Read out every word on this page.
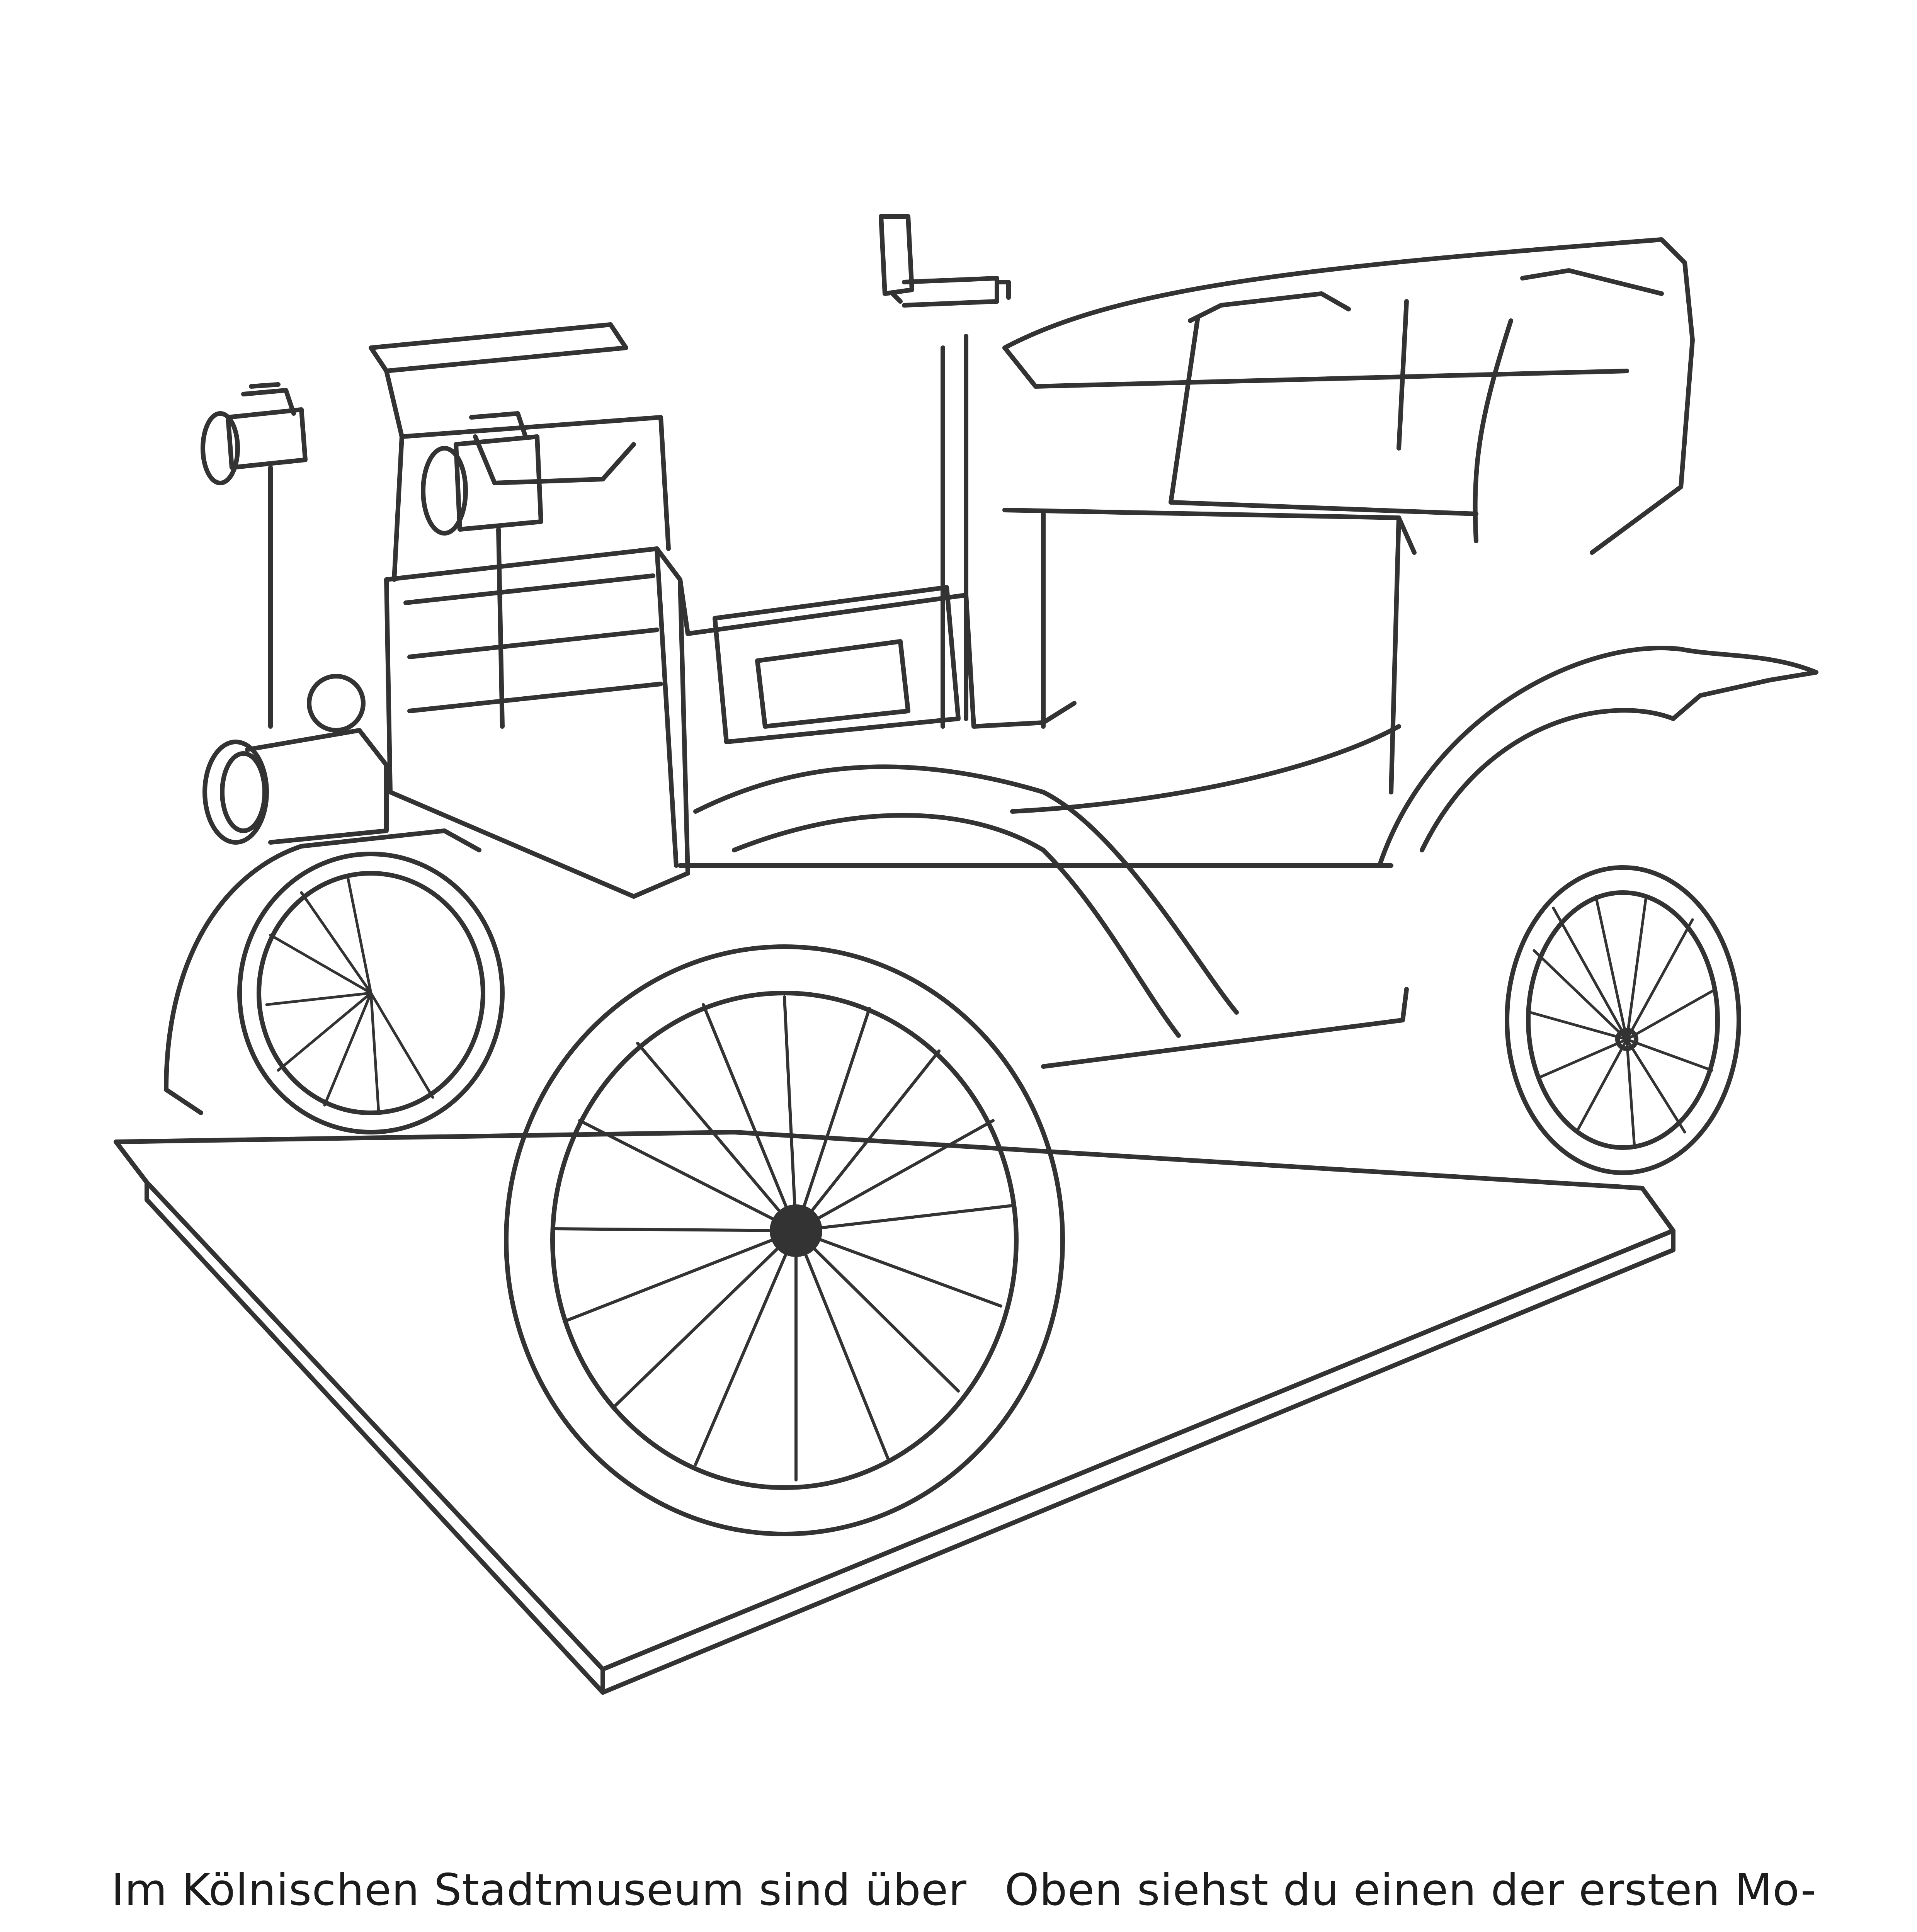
Im Kölnischen Stadtmuseum sind über Oben siehst du einen der ersten Mo-
